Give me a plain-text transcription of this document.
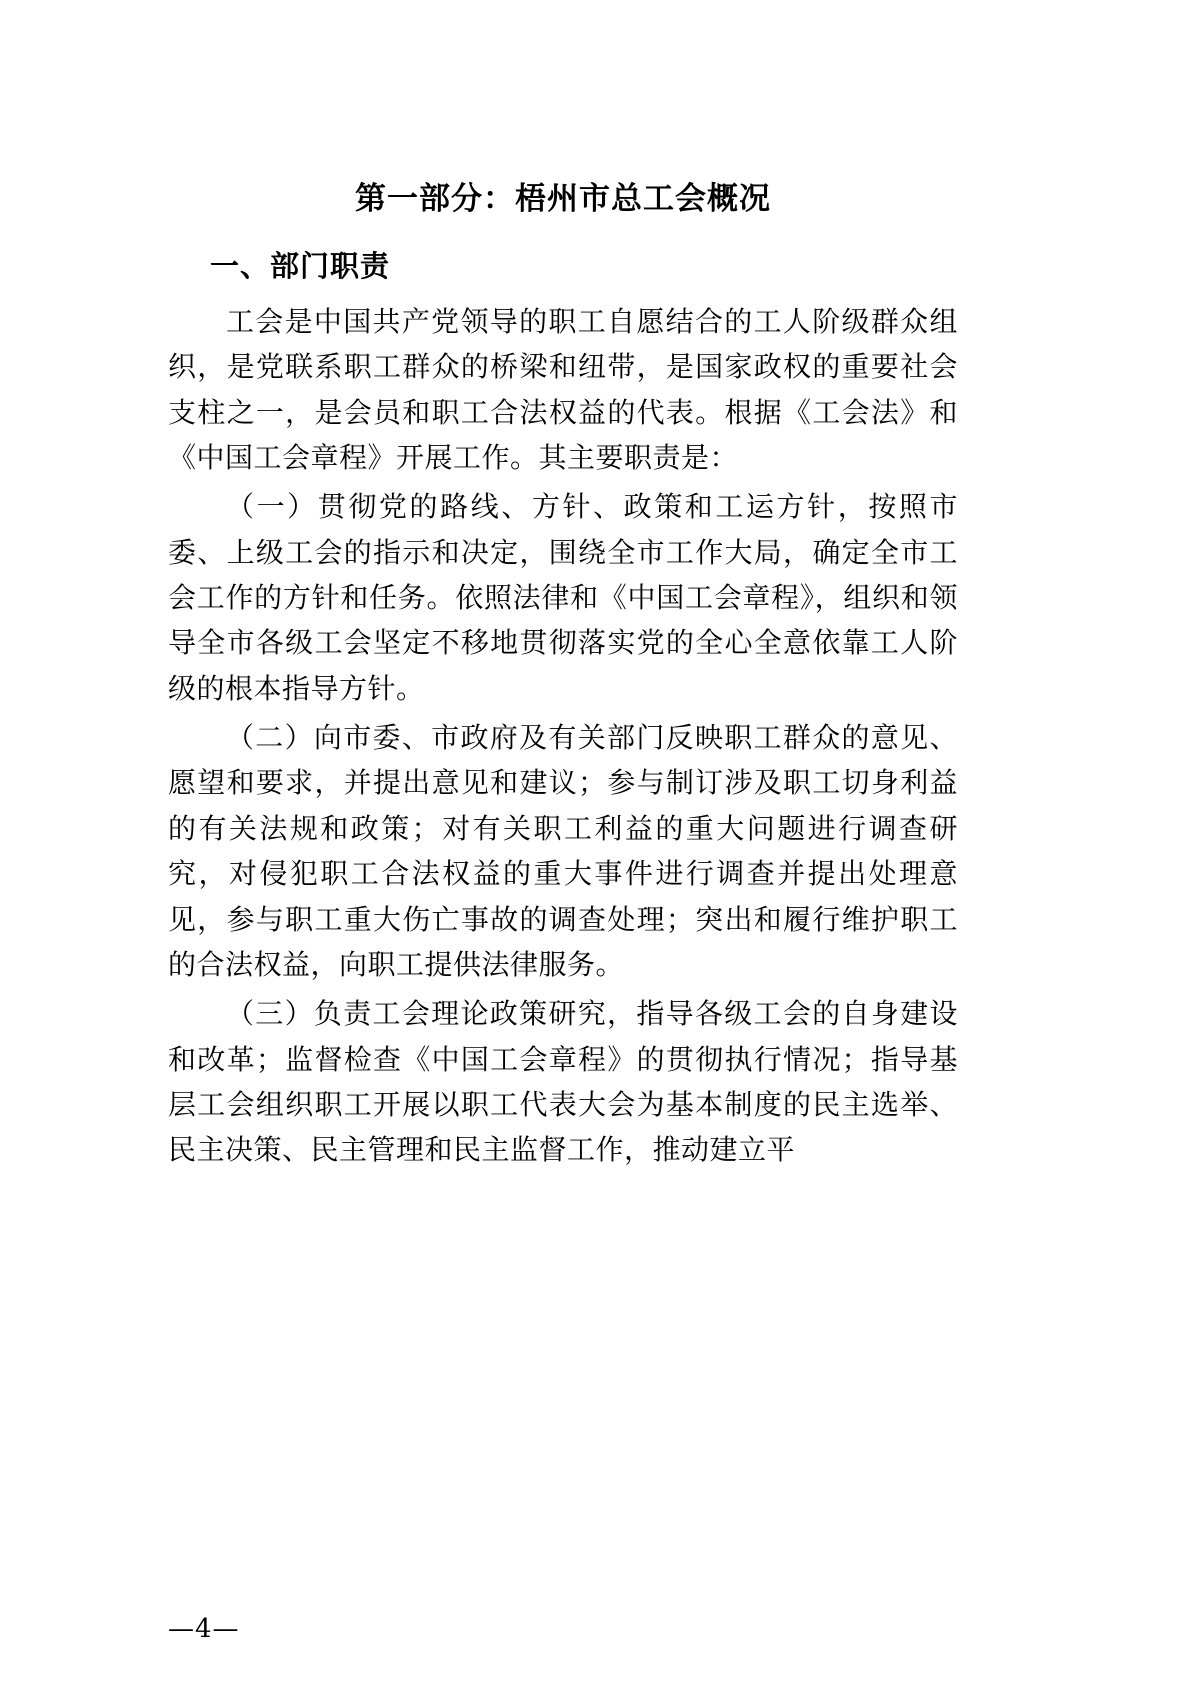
第一部分：梧州市总工会概况
一、部门职责

工会是中国共产党领导的职工自愿结合的工人阶级群众组织，是党联系职工群众的桥梁和纽带，是国家政权的重要社会支柱之一，是会员和职工合法权益的代表。根据《工会法》和《中国工会章程》开展工作。其主要职责是：

（一）贯彻党的路线、方针、政策和工运方针，按照市委、上级工会的指示和决定，围绕全市工作大局，确定全市工会工作的方针和任务。依照法律和《中国工会章程》，组织和领导全市各级工会坚定不移地贯彻落实党的全心全意依靠工人阶级的根本指导方针。

（二）向市委、市政府及有关部门反映职工群众的意见、愿望和要求，并提出意见和建议；参与制订涉及职工切身利益的有关法规和政策；对有关职工利益的重大问题进行调查研究，对侵犯职工合法权益的重大事件进行调查并提出处理意见，参与职工重大伤亡事故的调查处理；突出和履行维护职工的合法权益，向职工提供法律服务。

（三）负责工会理论政策研究，指导各级工会的自身建设和改革；监督检查《中国工会章程》的贯彻执行情况；指导基层工会组织职工开展以职工代表大会为基本制度的民主选举、民主决策、民主管理和民主监督工作，推动建立平

—4—
